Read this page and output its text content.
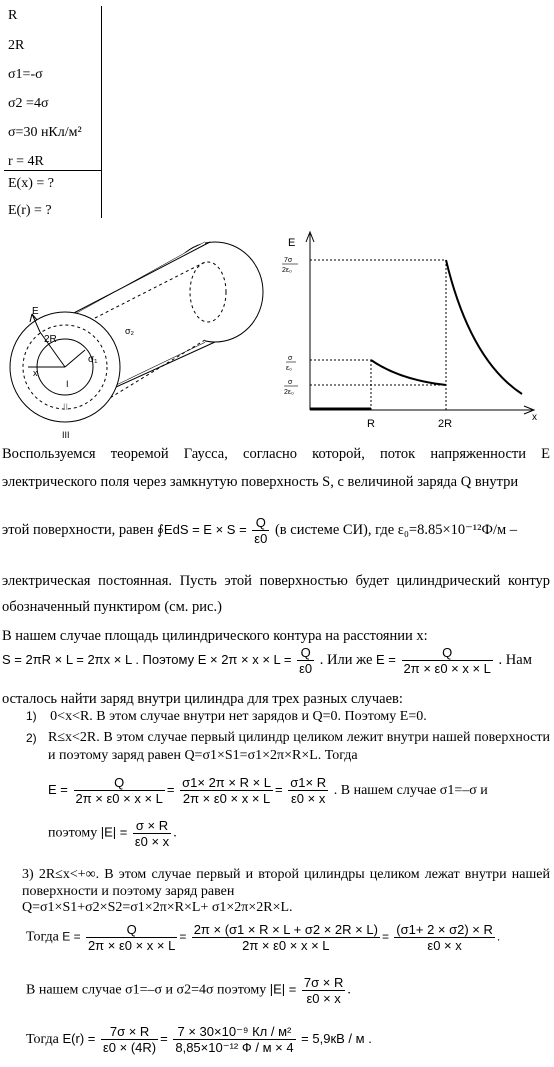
R
2R
σ1=-σ
σ2 =4σ
σ=30 нКл/м²
r = 4R
E(x) = ?
E(r) = ?
E
2R
σ₁
σ₂
I
II
x
III
E
x
R	2R
7σ
2ε₀
σ
ε₀
σ
2ε₀
Воспользуемся теоремой Гаусса, согласно которой, поток напряженности E электрического поля через замкнутую поверхность S, с величиной заряда Q внутри
этой поверхности, равен ∮EdS = $E \times S = \frac{Q}{\varepsilon 0} (в$ системе СИ), где ε₀=8.85×10⁻¹²Ф/м –
электрическая постоянная. Пусть этой поверхностью будет цилиндрический контур обозначенный пунктиром (см. рис.)
В нашем случае площадь цилиндрического контура на расстоянии x:
S = 2πR × L = 2πx × L . Поэтому $E \times 2\pi \times x \times L = \frac{Q}{\varepsilon 0}$ . Или же $E = \frac{Q}{2\pi \times \varepsilon 0 \times x \times L}$ . Нам
осталось найти заряд внутри цилиндра для трех разных случаев:
1) 0<x<R. В этом случае внутри нет зарядов и Q=0. Поэтому E=0.
2) R≤x<2R. В этом случае первый цилиндр целиком лежит внутри нашей поверхности и поэтому заряд равен Q=σ1×S1=σ1×2π×R×L. Тогда
$E = \frac{Q}{2\pi \times \varepsilon 0 \times x \times L} = \frac{\sigma 1\times 2\pi \times R \times L}{2\pi \times \varepsilon 0 \times x \times L} = \frac{\sigma 1\times R}{\varepsilon 0 \times x}$ . В нашем случае σ1=–σ и
поэтому $|E| = \frac{\sigma \times R}{\varepsilon 0 \times x}$ .
3) 2R≤x<+∞. В этом случае первый и второй цилиндры целиком лежат внутри нашей поверхности и поэтому заряд равен
Q=σ1×S1+σ2×S2=σ1×2π×R×L+ σ1×2π×2R×L.
Тогда $E = \frac{Q}{2\pi \times \varepsilon 0 \times x \times L} = \frac{2\pi \times (\sigma 1 \times R \times L + \sigma 2 \times 2R \times L)}{2\pi \times \varepsilon 0 \times x \times L} = \frac{(\sigma 1+ 2 \times \sigma 2) \times R}{\varepsilon 0 \times x}$ .
В нашем случае σ1=–σ и σ2=4σ поэтому $|E| = \frac{7\sigma \times R}{\varepsilon 0 \times x}$ .
Тогда $E(r) = \frac{7\sigma \times R}{\varepsilon 0 \times (4R)} = \frac{\text{7 × 30×10⁻⁹ Кл / м²}}{\text{8,85×10⁻¹² Ф / м × 4}} = 5,9кВ / м$ .
